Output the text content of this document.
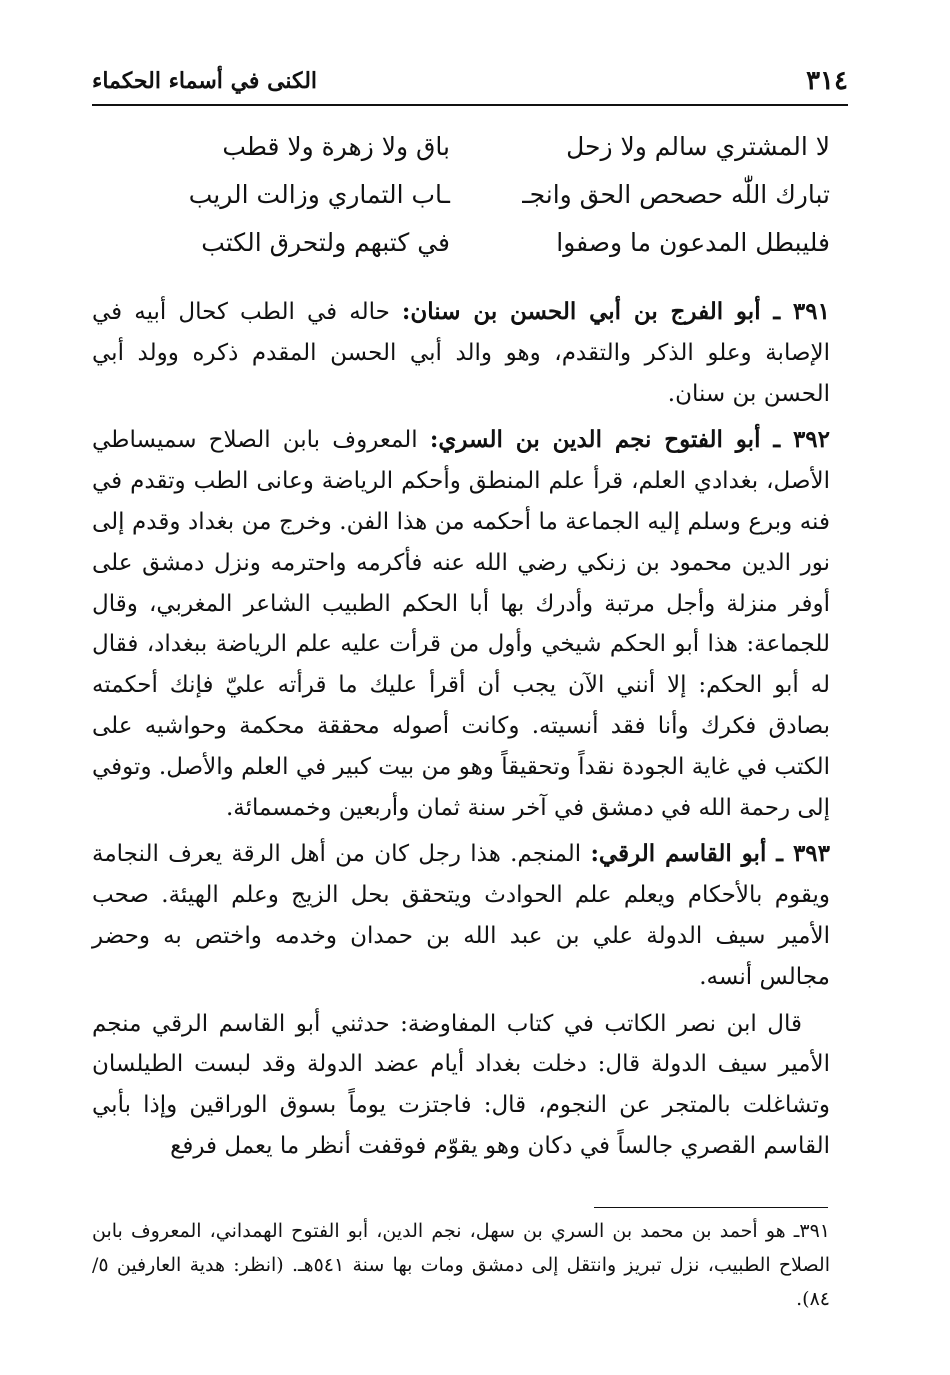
٣١٤
الكنى في أسماء الحكماء
لا المشتري سالم ولا زحل
باق ولا زهرة ولا قطب
تبارك اللّٰه حصحص الحق وانجـ
ـاب التماري وزالت الريب
فليبطل المدعون ما وصفوا
في كتبهم ولتحرق الكتب

٣٩١ ـ أبو الفرج بن أبي الحسن بن سنان: حاله في الطب كحال أبيه في الإصابة وعلو الذكر والتقدم، وهو والد أبي الحسن المقدم ذكره وولد أبي الحسن بن سنان.

٣٩٢ ـ أبو الفتوح نجم الدين بن السري: المعروف بابن الصلاح سميساطي الأصل، بغدادي العلم، قرأ علم المنطق وأحكم الرياضة وعانى الطب وتقدم في فنه وبرع وسلم إليه الجماعة ما أحكمه من هذا الفن. وخرج من بغداد وقدم إلى نور الدين محمود بن زنكي رضي الله عنه فأكرمه واحترمه ونزل دمشق على أوفر منزلة وأجل مرتبة وأدرك بها أبا الحكم الطبيب الشاعر المغربي، وقال للجماعة: هذا أبو الحكم شيخي وأول من قرأت عليه علم الرياضة ببغداد، فقال له أبو الحكم: إلا أنني الآن يجب أن أقرأ عليك ما قرأته عليّ فإنك أحكمته بصادق فكرك وأنا فقد أنسيته. وكانت أصوله محققة محكمة وحواشيه على الكتب في غاية الجودة نقداً وتحقيقاً وهو من بيت كبير في العلم والأصل. وتوفي إلى رحمة الله في دمشق في آخر سنة ثمان وأربعين وخمسمائة.

٣٩٣ ـ أبو القاسم الرقي: المنجم. هذا رجل كان من أهل الرقة يعرف النجامة ويقوم بالأحكام ويعلم علم الحوادث ويتحقق بحل الزيج وعلم الهيئة. صحب الأمير سيف الدولة علي بن عبد الله بن حمدان وخدمه واختص به وحضر مجالس أنسه.

قال ابن نصر الكاتب في كتاب المفاوضة: حدثني أبو القاسم الرقي منجم الأمير سيف الدولة قال: دخلت بغداد أيام عضد الدولة وقد لبست الطيلسان وتشاغلت بالمتجر عن النجوم، قال: فاجتزت يوماً بسوق الوراقين وإذا بأبي القاسم القصري جالساً في دكان وهو يقوّم فوقفت أنظر ما يعمل فرفع

٣٩١ـ هو أحمد بن محمد بن السري بن سهل، نجم الدين، أبو الفتوح الهمداني، المعروف بابن الصلاح الطبيب، نزل تبريز وانتقل إلى دمشق ومات بها سنة ٥٤١هـ. (انظر: هدية العارفين ٥/ ٨٤).
